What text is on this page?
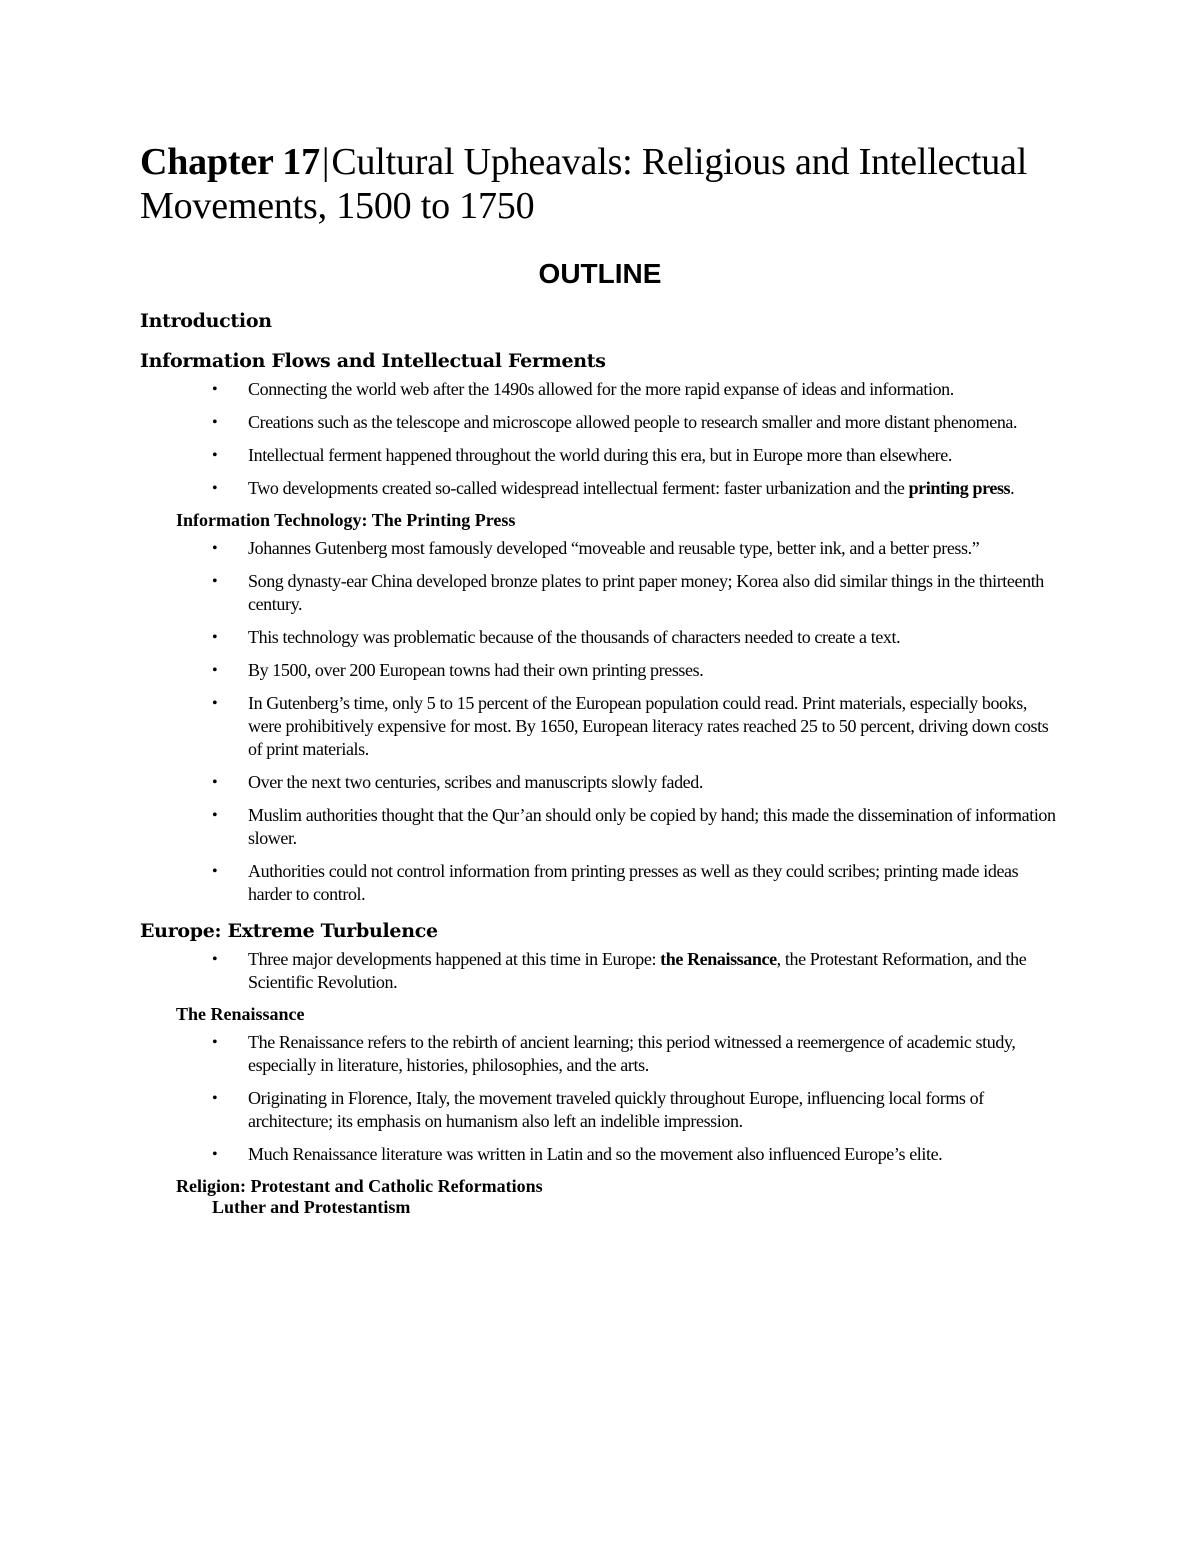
Chapter 17|Cultural Upheavals: Religious and Intellectual Movements, 1500 to 1750
OUTLINE
Introduction
Information Flows and Intellectual Ferments
• Connecting the world web after the 1490s allowed for the more rapid expanse of ideas and information.
• Creations such as the telescope and microscope allowed people to research smaller and more distant phenomena.
• Intellectual ferment happened throughout the world during this era, but in Europe more than elsewhere.
• Two developments created so-called widespread intellectual ferment: faster urbanization and the printing press.
Information Technology: The Printing Press
• Johannes Gutenberg most famously developed “moveable and reusable type, better ink, and a better press.”
• Song dynasty-ear China developed bronze plates to print paper money; Korea also did similar things in the thirteenth century.
• This technology was problematic because of the thousands of characters needed to create a text.
• By 1500, over 200 European towns had their own printing presses.
• In Gutenberg’s time, only 5 to 15 percent of the European population could read. Print materials, especially books, were prohibitively expensive for most. By 1650, European literacy rates reached 25 to 50 percent, driving down costs of print materials.
• Over the next two centuries, scribes and manuscripts slowly faded.
• Muslim authorities thought that the Qur’an should only be copied by hand; this made the dissemination of information slower.
• Authorities could not control information from printing presses as well as they could scribes; printing made ideas harder to control.
Europe: Extreme Turbulence
• Three major developments happened at this time in Europe: the Renaissance, the Protestant Reformation, and the Scientific Revolution.
The Renaissance
• The Renaissance refers to the rebirth of ancient learning; this period witnessed a reemergence of academic study, especially in literature, histories, philosophies, and the arts.
• Originating in Florence, Italy, the movement traveled quickly throughout Europe, influencing local forms of architecture; its emphasis on humanism also left an indelible impression.
• Much Renaissance literature was written in Latin and so the movement also influenced Europe’s elite.
Religion: Protestant and Catholic Reformations
Luther and Protestantism
